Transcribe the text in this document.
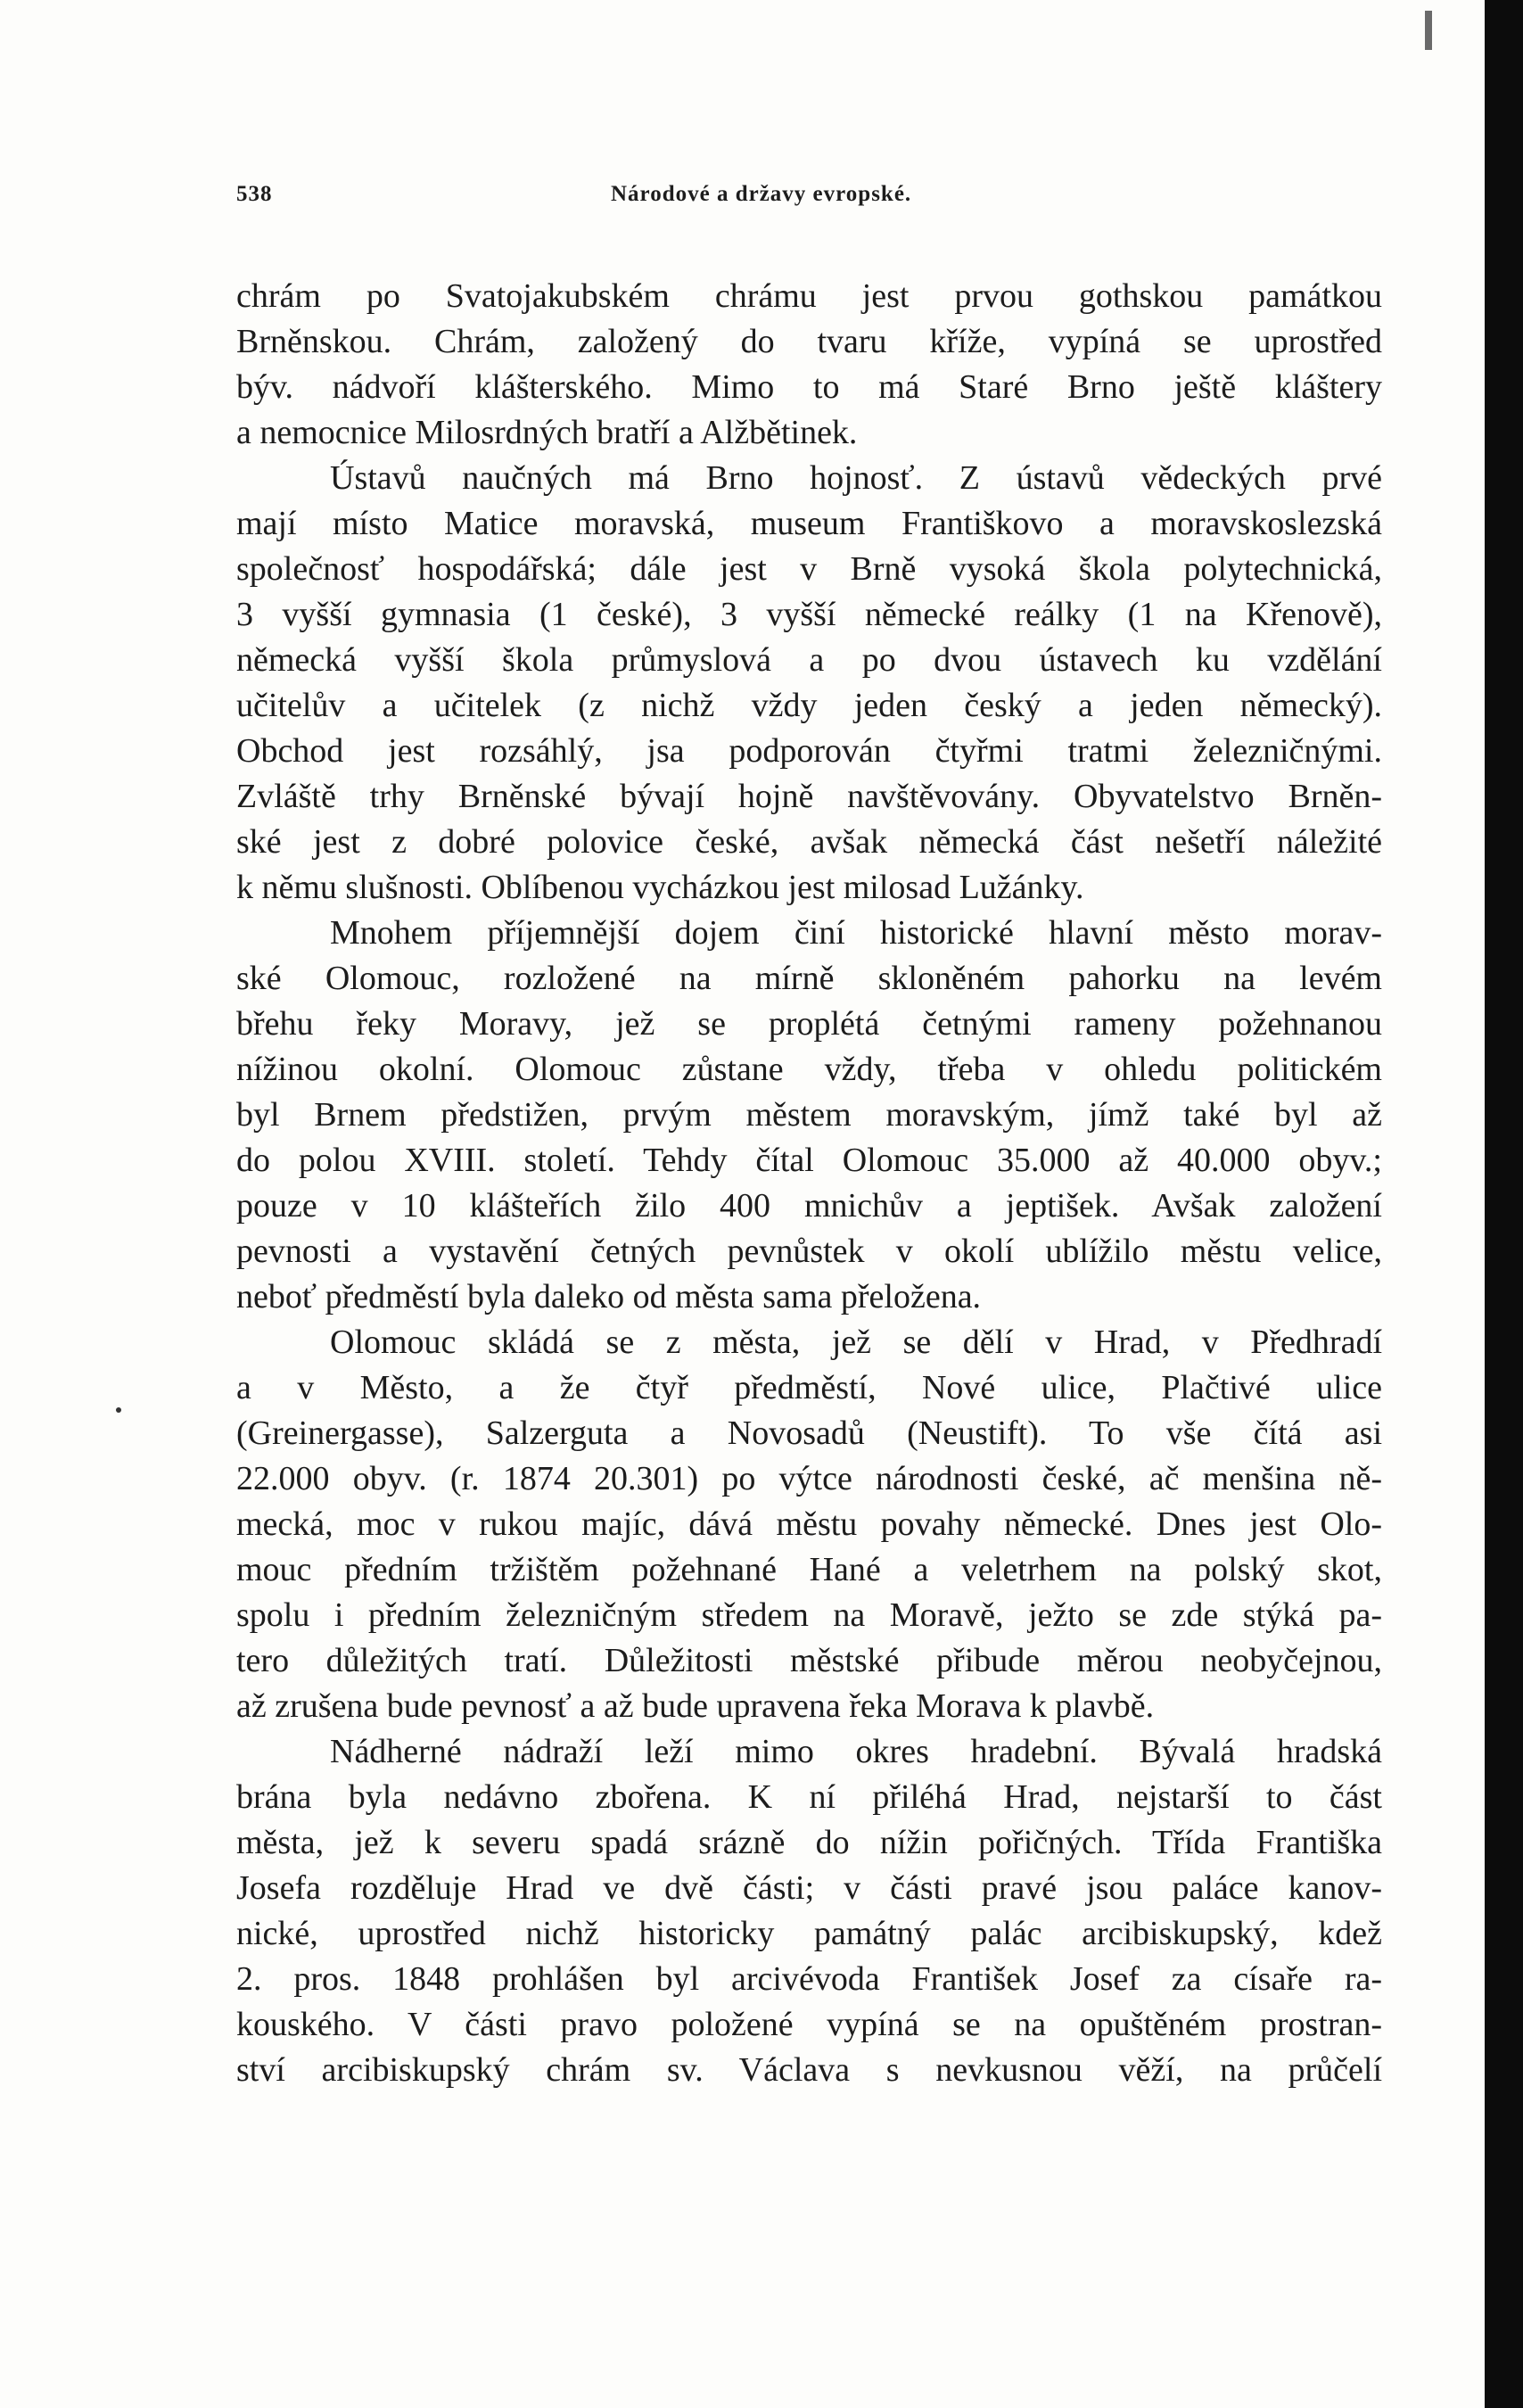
538	Národové a državy evropské.

chrám po Svatojakubském chrámu jest prvou gothskou památkou
Brněnskou. Chrám, založený do tvaru kříže, vypíná se uprostřed
býv. nádvoří klášterského. Mimo to má Staré Brno ještě kláštery
a nemocnice Milosrdných bratří a Alžbětinek.

Ústavů naučných má Brno hojnosť. Z ústavů vědeckých prvé
mají místo Matice moravská, museum Františkovo a moravskoslezská
společnosť hospodářská; dále jest v Brně vysoká škola polytechnická,
3 vyšší gymnasia (1 české), 3 vyšší německé reálky (1 na Křenově),
německá vyšší škola průmyslová a po dvou ústavech ku vzdělání
učitelův a učitelek (z nichž vždy jeden český a jeden německý).
Obchod jest rozsáhlý, jsa podporován čtyřmi tratmi železničnými.
Zvláště trhy Brněnské bývají hojně navštěvovány. Obyvatelstvo Brněn-
ské jest z dobré polovice české, avšak německá část nešetří náležité
k němu slušnosti. Oblíbenou vycházkou jest milosad Lužánky.

Mnohem příjemnější dojem činí historické hlavní město morav-
ské Olomouc, rozložené na mírně skloněném pahorku na levém
břehu řeky Moravy, jež se proplétá četnými rameny požehnanou
nížinou okolní. Olomouc zůstane vždy, třeba v ohledu politickém
byl Brnem předstižen, prvým městem moravským, jímž také byl až
do polou XVIII. století. Tehdy čítal Olomouc 35.000 až 40.000 obyv.;
pouze v 10 klášteřích žilo 400 mnichův a jeptišek. Avšak založení
pevnosti a vystavění četných pevnůstek v okolí ublížilo městu velice,
neboť předměstí byla daleko od města sama přeložena.

Olomouc skládá se z města, jež se dělí v Hrad, v Předhradí
a v Město, a že čtyř předměstí, Nové ulice, Plačtivé ulice
(Greinergasse), Salzerguta a Novosadů (Neustift). To vše čítá asi
22.000 obyv. (r. 1874 20.301) po výtce národnosti české, ač menšina ně-
mecká, moc v rukou majíc, dává městu povahy německé. Dnes jest Olo-
mouc předním tržištěm požehnané Hané a veletrhem na polský skot,
spolu i předním železničným středem na Moravě, ježto se zde stýká pa-
tero důležitých tratí. Důležitosti městské přibude měrou neobyčejnou,
až zrušena bude pevnosť a až bude upravena řeka Morava k plavbě.

Nádherné nádraží leží mimo okres hradební. Bývalá hradská
brána byla nedávno zbořena. K ní přiléhá Hrad, nejstarší to část
města, jež k severu spadá srázně do nížin pořičných. Třída Františka
Josefa rozděluje Hrad ve dvě části; v části pravé jsou paláce kanov-
nické, uprostřed nichž historicky památný palác arcibiskupský, kdež
2. pros. 1848 prohlášen byl arcivévoda František Josef za císaře ra-
kouského. V části pravo položené vypíná se na opuštěném prostran-
ství arcibiskupský chrám sv. Václava s nevkusnou věží, na průčelí
